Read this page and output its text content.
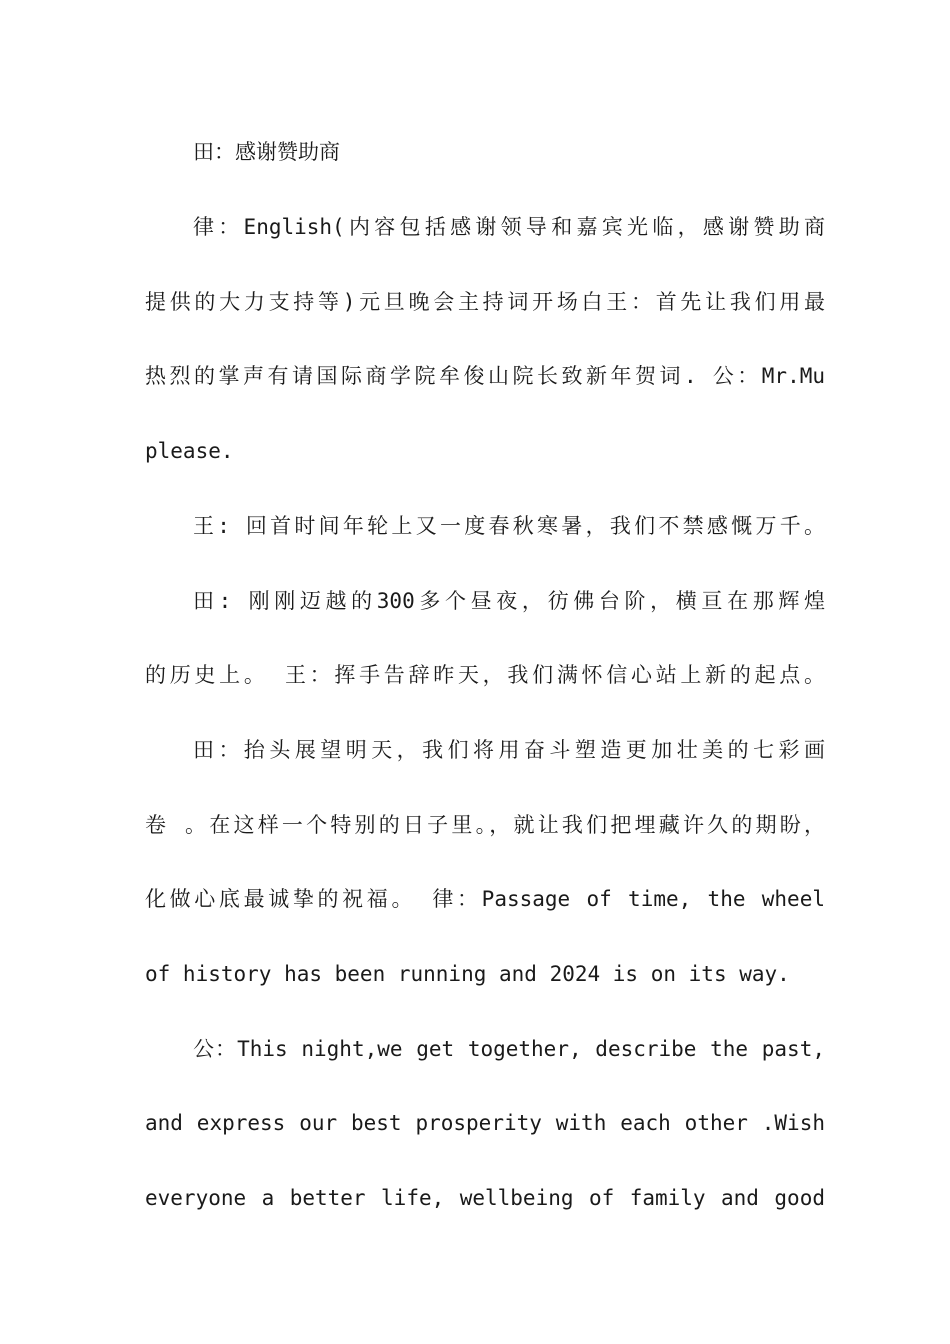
田：感谢赞助商
律：English(内容包括感谢领导和嘉宾光临，感谢赞助商
提供的大力支持等)元旦晚会主持词开场白王：首先让我们用最
热烈的掌声有请国际商学院牟俊山院长致新年贺词. 公：Mr.Mu
please.
王: 回首时间年轮上又一度春秋寒暑，我们不禁感慨万千。
田: 刚刚迈越的300多个昼夜，彷佛台阶，横亘在那辉煌
的历史上。 王：挥手告辞昨天，我们满怀信心站上新的起点。
田：抬头展望明天，我们将用奋斗塑造更加壮美的七彩画
卷 。在这样一个特别的日子里。，就让我们把埋藏许久的期盼，
化做心底最诚挚的祝福。 律：Passage of time, the wheel
of history has been running and 2024 is on its way.
公：This night,we get together, describe the past,
and express our best prosperity with each other .Wish
everyone a better life, wellbeing of family and good
